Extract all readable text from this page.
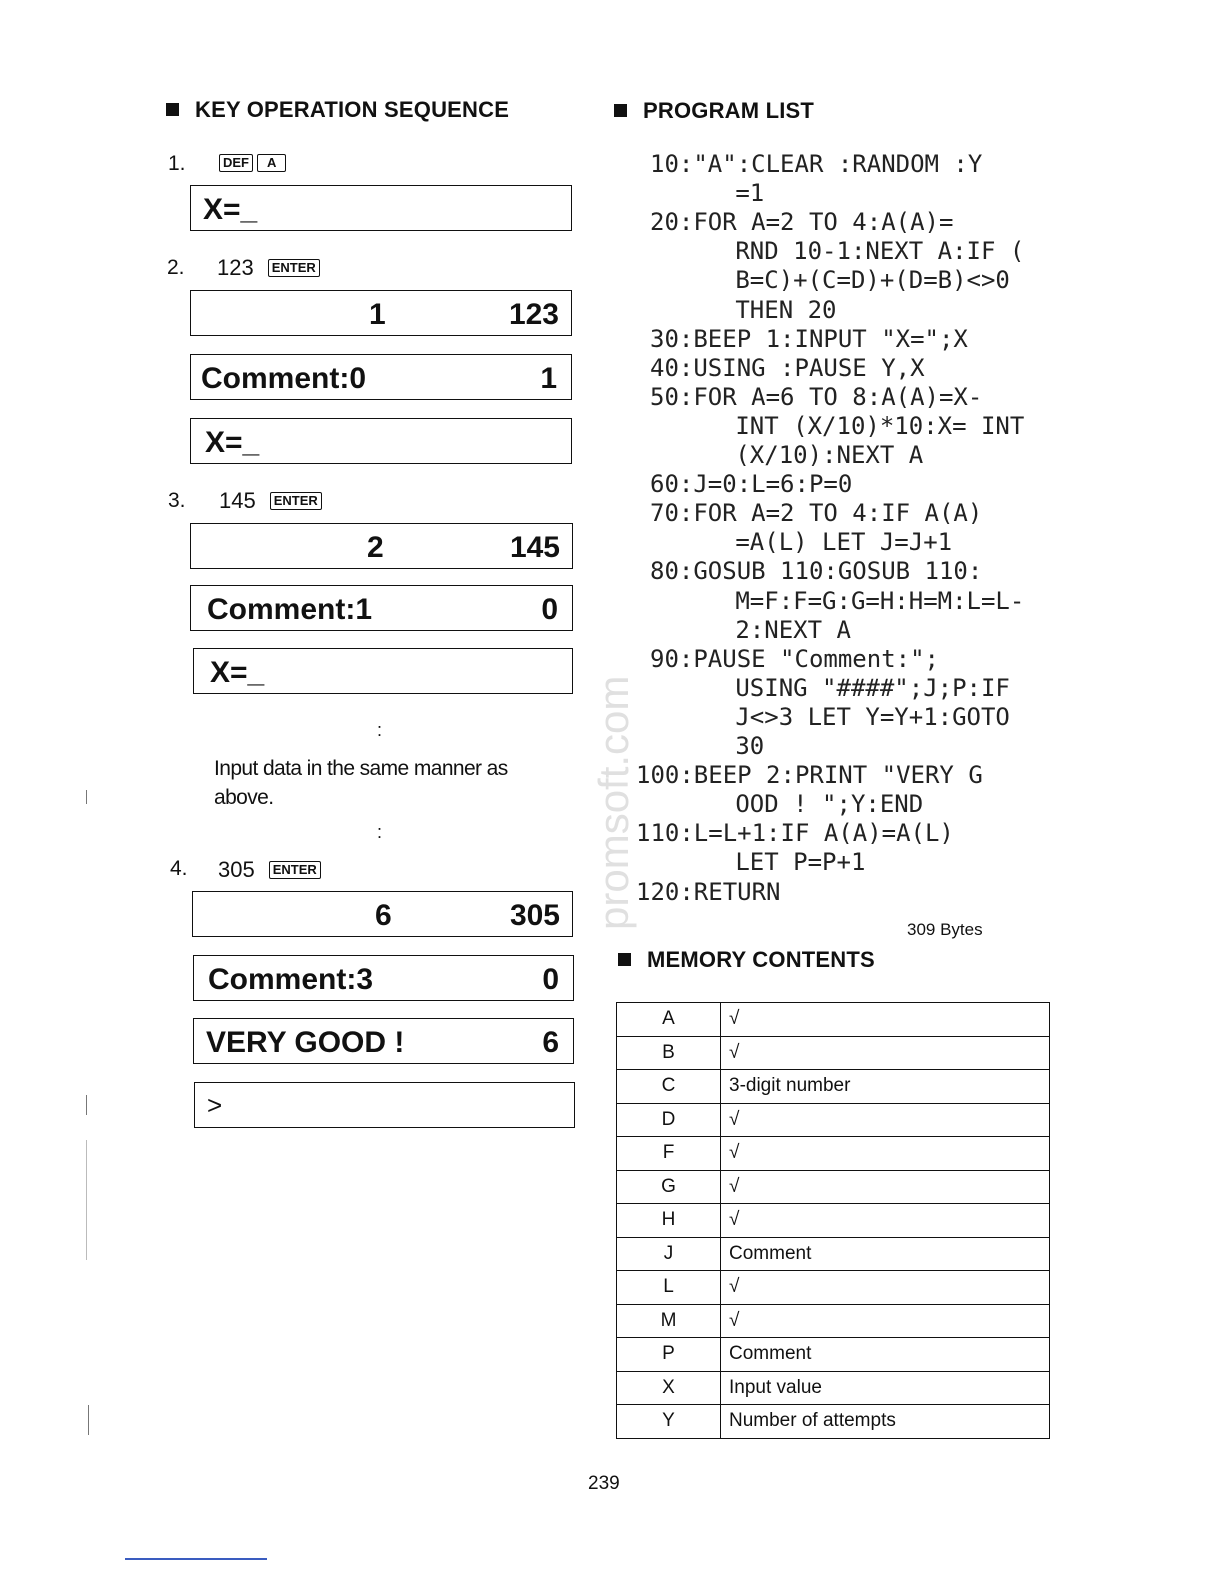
promsoft.com
KEY OPERATION SEQUENCE
1.	DEF A
X=_
2. 123 ENTER
1	123
Comment:0	1
X=_
3. 145 ENTER
2	145
Comment:1	0
X=_
:
Input data in the same manner as above.
:
4. 305 ENTER
6	305
Comment:3	0
VERY GOOD !	6
>
PROGRAM LIST
10:"A":CLEAR :RANDOM :Y
=1
20:FOR A=2 TO 4:A(A)=
RND 10-1:NEXT A:IF (
B=C)+(C=D)+(D=B)<>0
THEN 20
30:BEEP 1:INPUT "X=";X
40:USING :PAUSE Y,X
50:FOR A=6 TO 8:A(A)=X-
INT (X/10)*10:X= INT
(X/10):NEXT A
60:J=0:L=6:P=0
70:FOR A=2 TO 4:IF A(A)
=A(L) LET J=J+1
80:GOSUB 110:GOSUB 110:
M=F:F=G:G=H:H=M:L=L-
2:NEXT A
90:PAUSE "Comment:";
USING "####";J;P:IF
J<>3 LET Y=Y+1:GOTO
30
100:BEEP 2:PRINT "VERY G
OOD ! ";Y:END
110:L=L+1:IF A(A)=A(L)
LET P=P+1
120:RETURN
309 Bytes
MEMORY CONTENTS
A	√
B	√
C	3-digit number
D	√
F	√
G	√
H	√
J	Comment
L	√
M	√
P	Comment
X	Input value
Y	Number of attempts
239
